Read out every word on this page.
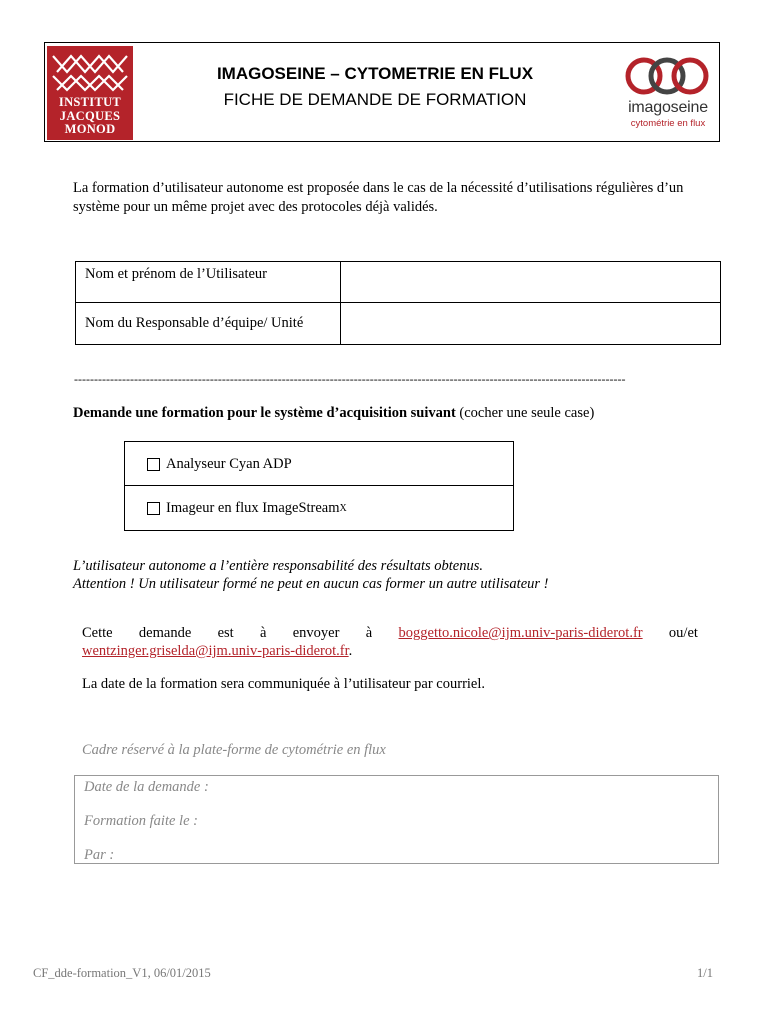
INSTITUT
JACQUES
MONOD
IMAGOSEINE – CYTOMETRIE EN FLUX
FICHE DE DEMANDE DE FORMATION	imagoseine
cytométrie en flux
La formation d’utilisateur autonome est proposée dans le cas de la nécessité d’utilisations régulières d’un système pour un même projet avec des protocoles déjà validés.
Nom et prénom de l’Utilisateur
Nom du Responsable d’équipe/ Unité
------------------------------------------------------------------------------------------------------------------------------------------
Demande une formation pour le système d’acquisition suivant (cocher une seule case)
Analyseur Cyan ADP
Imageur en flux ImageStream X
L’utilisateur autonome a l’entière responsabilité des résultats obtenus.
Attention ! Un utilisateur formé ne peut en aucun cas former un autre utilisateur !
Cette demande est à envoyer à boggetto.nicole@ijm.univ-paris-diderot.fr ou/et
wentzinger.griselda@ijm.univ-paris-diderot.fr.
La date de la formation sera communiquée à l’utilisateur par courriel.
Cadre réservé à la plate-forme de cytométrie en flux
Date de la demande :
Formation faite le :
Par :
CF_dde-formation_V1, 06/01/2015	1/1
